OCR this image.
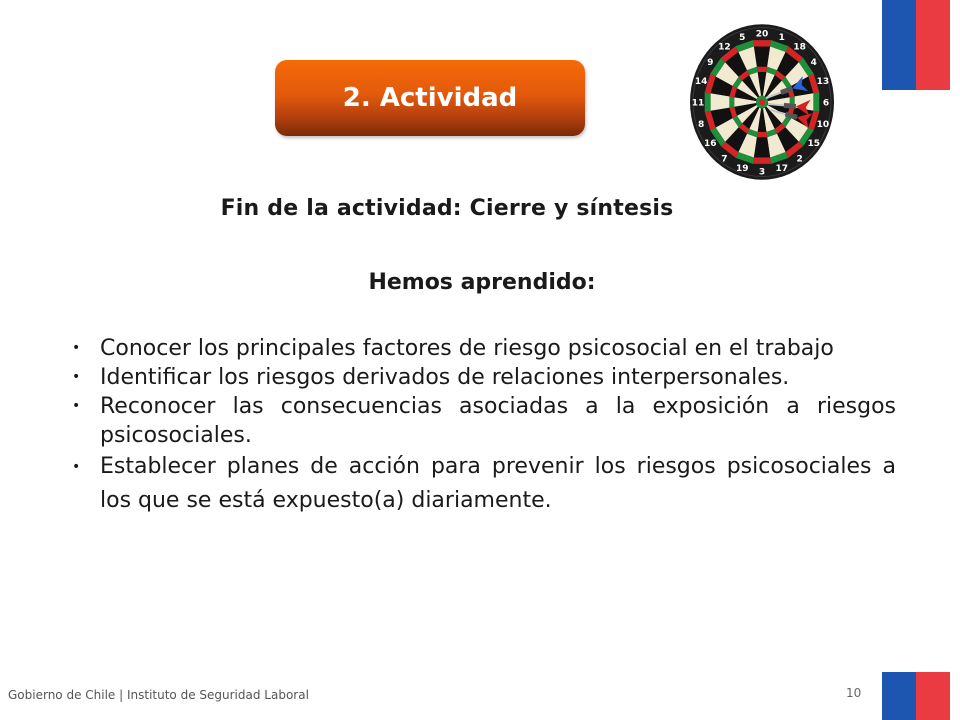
2. Actividad
20 1
18
4
13
6
10
15
2
17
3
19
7
16
8
11
14
9
12
5
Fin de la actividad: Cierre y síntesis
Hemos aprendido:
• Conocer los principales factores de riesgo psicosocial en el trabajo
• Identificar los riesgos derivados de relaciones interpersonales.
• Reconocer las consecuencias asociadas a la exposición a riesgos psicosociales.
• Establecer planes de acción para prevenir los riesgos psicosociales a los que se está expuesto(a) diariamente.
Gobierno de Chile | Instituto de Seguridad Laboral	10
